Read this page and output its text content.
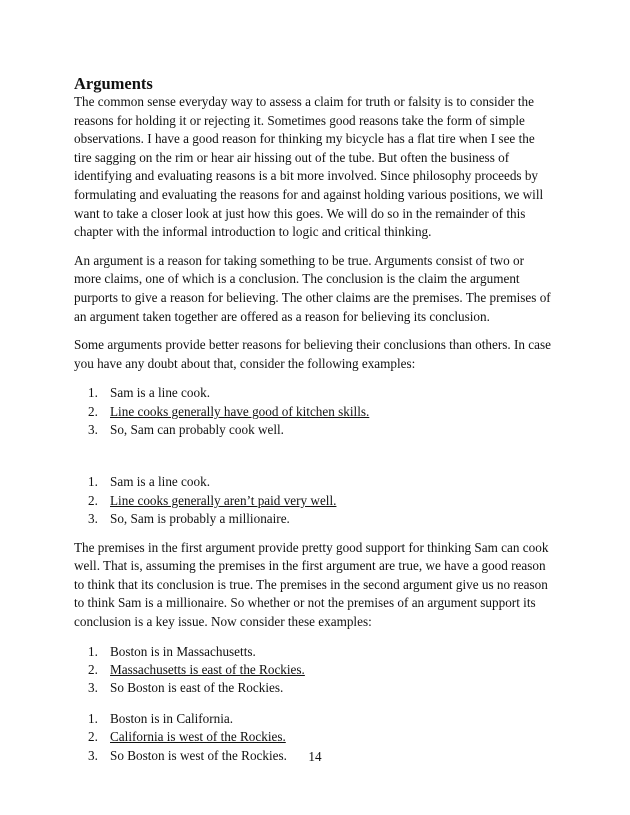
Arguments

The common sense everyday way to assess a claim for truth or falsity is to consider the reasons for holding it or rejecting it. Sometimes good reasons take the form of simple observations. I have a good reason for thinking my bicycle has a flat tire when I see the tire sagging on the rim or hear air hissing out of the tube. But often the business of identifying and evaluating reasons is a bit more involved. Since philosophy proceeds by formulating and evaluating the reasons for and against holding various positions, we will want to take a closer look at just how this goes. We will do so in the remainder of this chapter with the informal introduction to logic and critical thinking.

An argument is a reason for taking something to be true. Arguments consist of two or more claims, one of which is a conclusion. The conclusion is the claim the argument purports to give a reason for believing. The other claims are the premises. The premises of an argument taken together are offered as a reason for believing its conclusion.

Some arguments provide better reasons for believing their conclusions than others. In case you have any doubt about that, consider the following examples:

1. Sam is a line cook.
2. Line cooks generally have good of kitchen skills.
3. So, Sam can probably cook well.
1. Sam is a line cook.
2. Line cooks generally aren’t paid very well.
3. So, Sam is probably a millionaire.

The premises in the first argument provide pretty good support for thinking Sam can cook well. That is, assuming the premises in the first argument are true, we have a good reason to think that its conclusion is true. The premises in the second argument give us no reason to think Sam is a millionaire. So whether or not the premises of an argument support its conclusion is a key issue. Now consider these examples:

1. Boston is in Massachusetts.
2. Massachusetts is east of the Rockies.
3. So Boston is east of the Rockies.
1. Boston is in California.
2. California is west of the Rockies.
3. So Boston is west of the Rockies.	14
